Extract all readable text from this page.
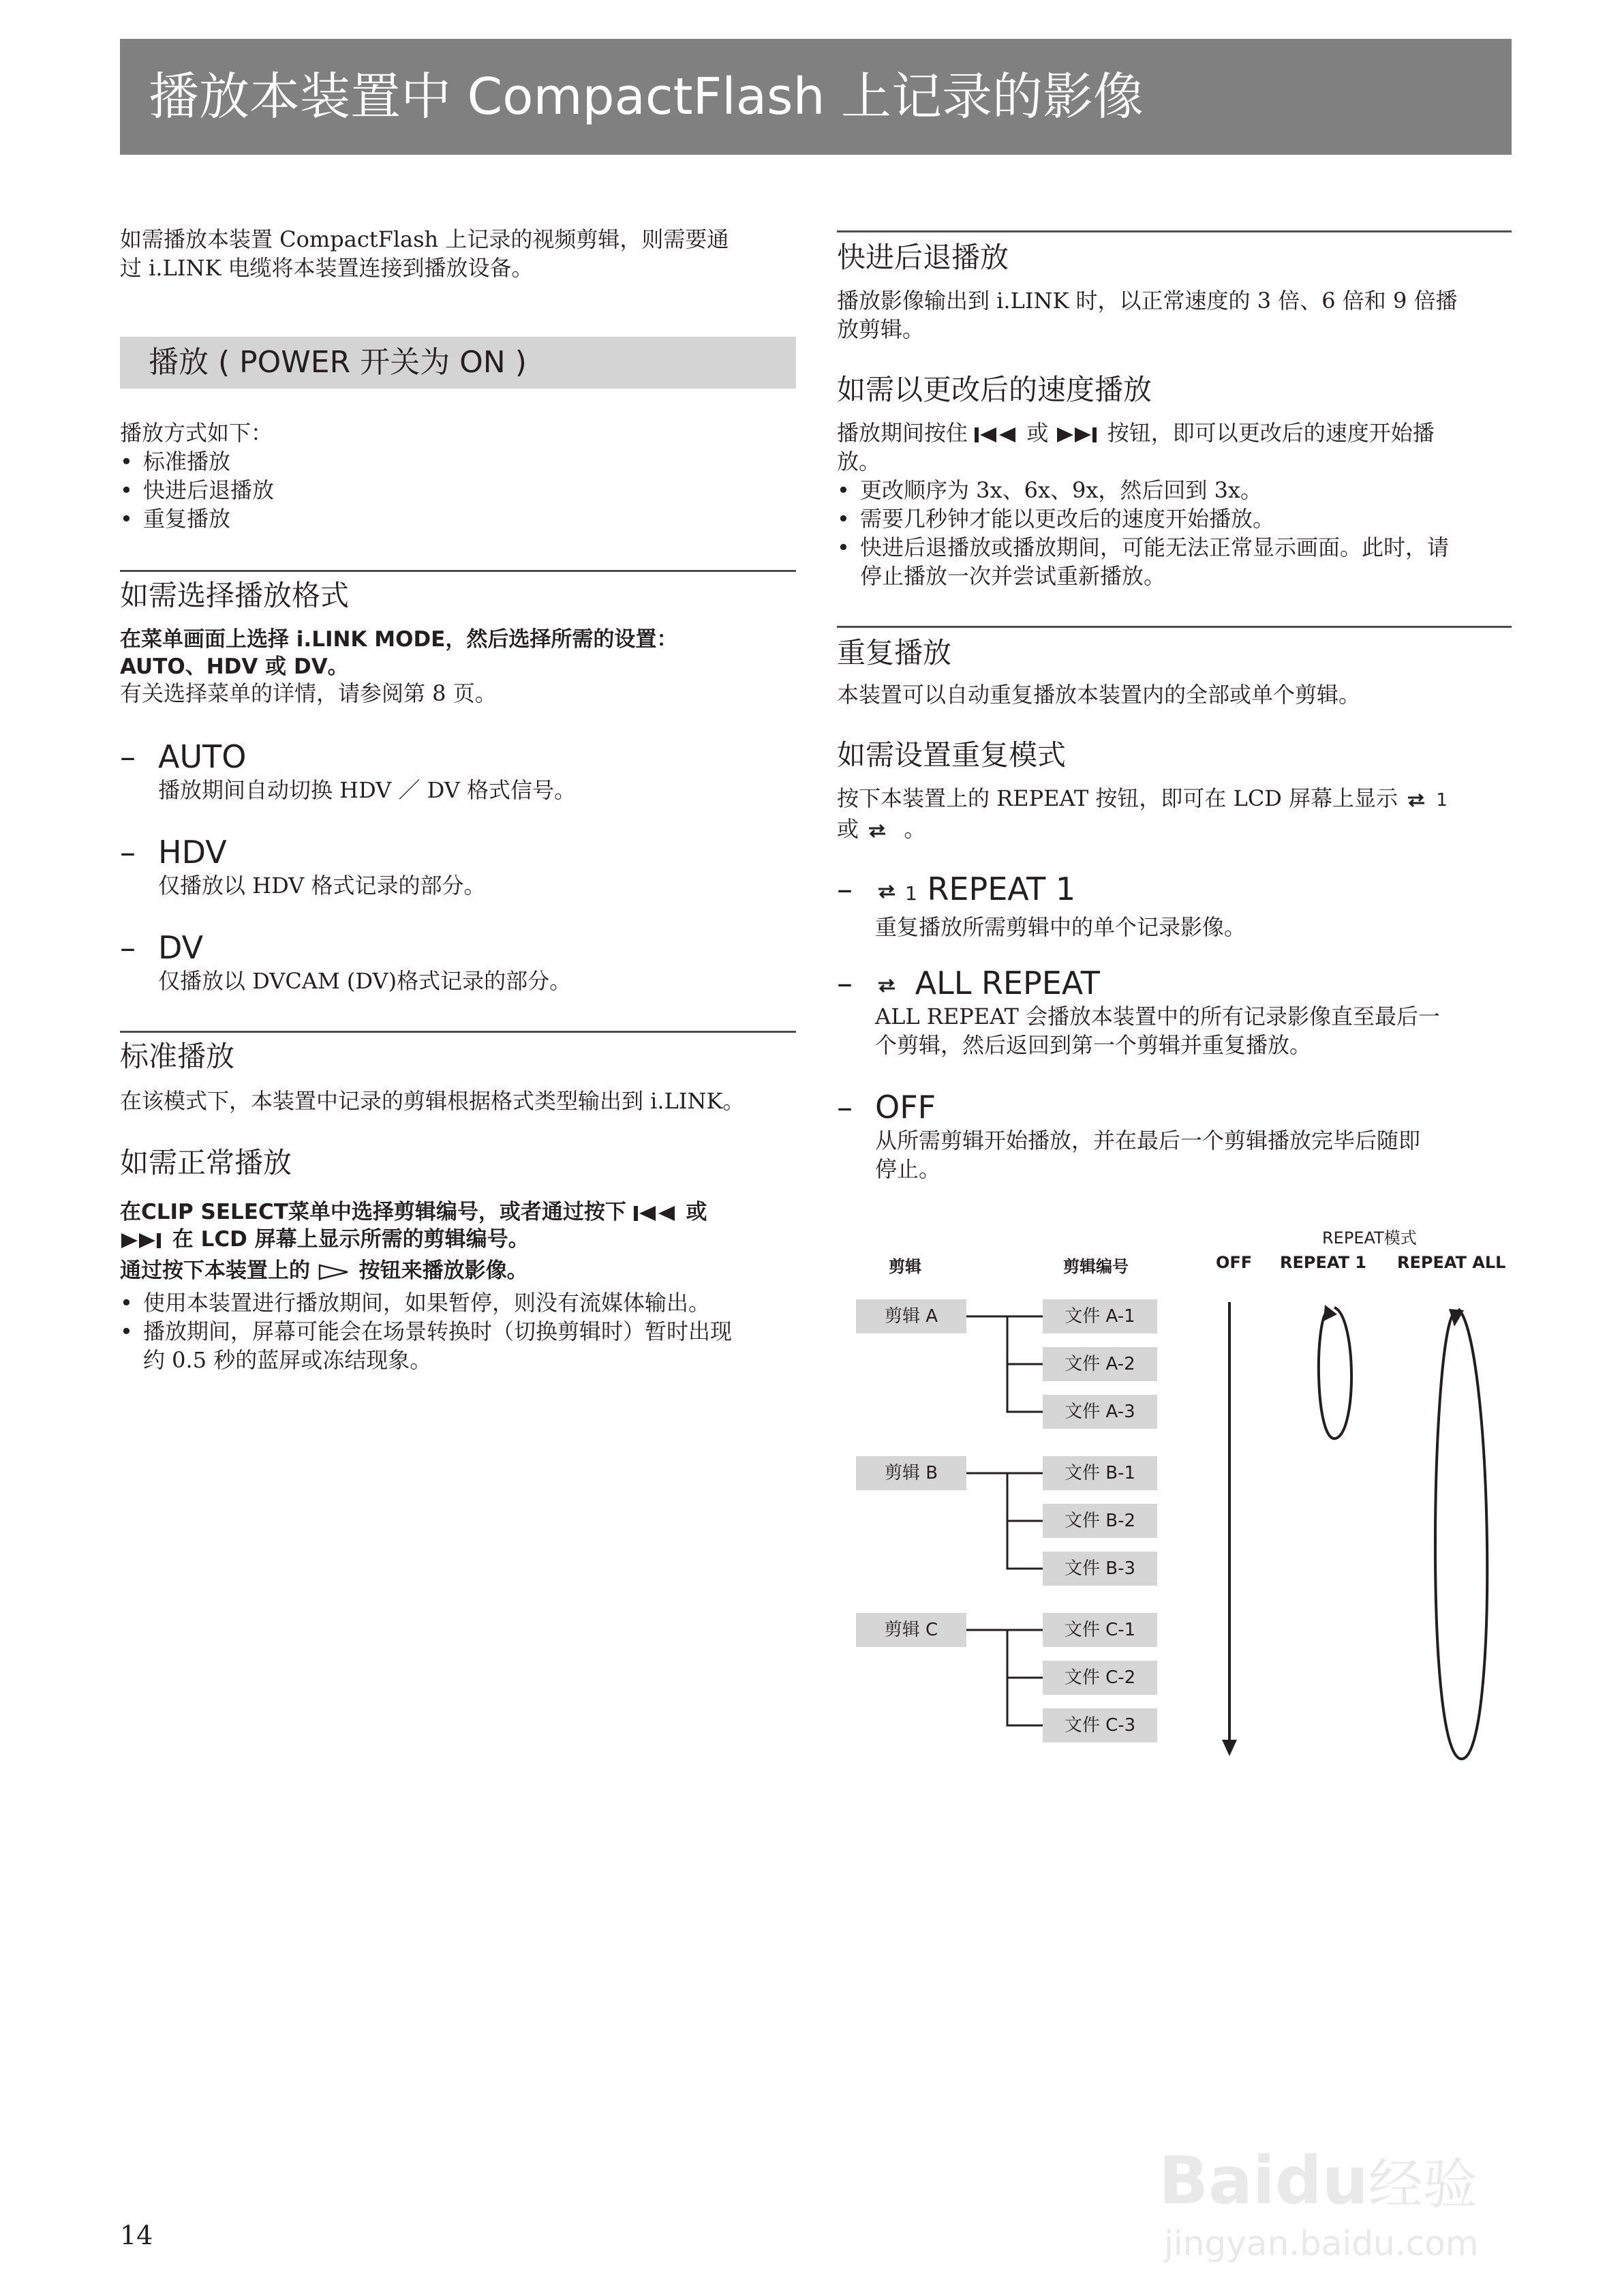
播放本装置中 CompactFlash 上记录的影像
如需播放本装置 CompactFlash 上记录的视频剪辑，则需要通
过 i.LINK 电缆将本装置连接到播放设备。
播放 ( POWER 开关为 ON )
播放方式如下：
• 标准播放
• 快进后退播放
• 重复播放
如需选择播放格式
在菜单画面上选择 i.LINK MODE，然后选择所需的设置：
AUTO、HDV 或 DV。
有关选择菜单的详情，请参阅第 8 页。
– AUTO
播放期间自动切换 HDV ／ DV 格式信号。
– HDV
仅播放以 HDV 格式记录的部分。
– DV
仅播放以 DVCAM (DV)格式记录的部分。
标准播放
在该模式下，本装置中记录的剪辑根据格式类型输出到 i.LINK。
如需正常播放
在CLIP SELECT菜单中选择剪辑编号，或者通过按下	或
在 LCD 屏幕上显示所需的剪辑编号。
通过按下本装置上的 按钮来播放影像。
• 使用本装置进行播放期间，如果暂停，则没有流媒体输出。
• 播放期间，屏幕可能会在场景转换时（切换剪辑时）暂时出现
约 0.5 秒的蓝屏或冻结现象。
快进后退播放
播放影像输出到 i.LINK 时，以正常速度的 3 倍、6 倍和 9 倍播
放剪辑。
如需以更改后的速度播放
播放期间按住	或	按钮，即可以更改后的速度开始播
放。
• 更改顺序为 3x、6x、9x，然后回到 3x。
• 需要几秒钟才能以更改后的速度开始播放。
• 快进后退播放或播放期间，可能无法正常显示画面。此时，请
停止播放一次并尝试重新播放。
重复播放
本装置可以自动重复播放本装置内的全部或单个剪辑。
如需设置重复模式
按下本装置上的 REPEAT 按钮，即可在 LCD 屏幕上显示 1
或 。
–	1 REPEAT 1
重复播放所需剪辑中的单个记录影像。
– ALL REPEAT
ALL REPEAT 会播放本装置中的所有记录影像直至最后一
个剪辑，然后返回到第一个剪辑并重复播放。
– OFF
从所需剪辑开始播放，并在最后一个剪辑播放完毕后随即
停止。
REPEAT模式
剪辑	剪辑编号	OFF REPEAT 1 REPEAT ALL
剪辑 A
剪辑 B
剪辑 C
文件 A-1
文件 A-2
文件 A-3
文件 B-1
文件 B-2
文件 B-3
文件 C-1
文件 C-2
文件 C-3
14
Baidu经验
jingyan.baidu.com
